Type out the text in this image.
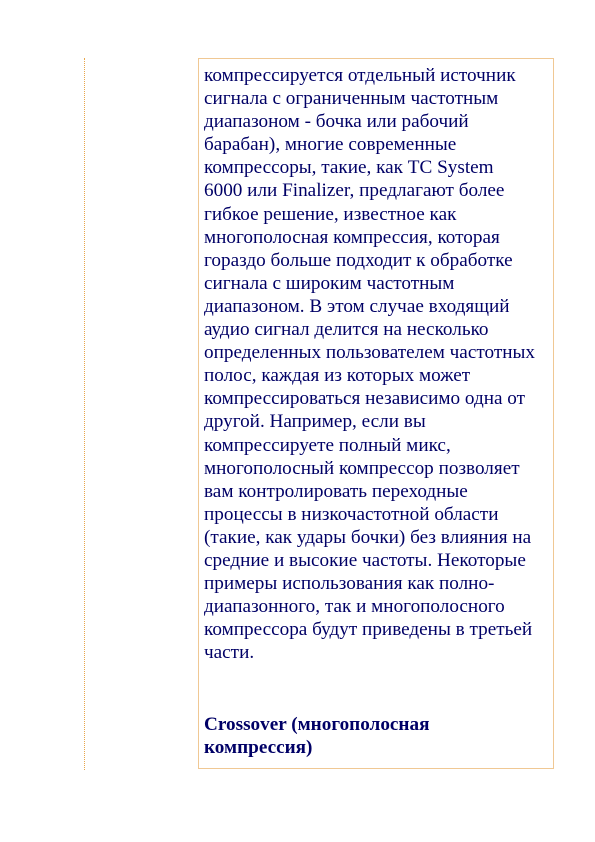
компрессируется отдельный источник
сигнала с ограниченным частотным
диапазоном - бочка или рабочий
барабан), многие современные
компрессоры, такие, как TC System
6000 или Finalizer, предлагают более
гибкое решение, известное как
многополосная компрессия, которая
гораздо больше подходит к обработке
сигнала с широким частотным
диапазоном. В этом случае входящий
аудио сигнал делится на несколько
определенных пользователем частотных
полос, каждая из которых может
компрессироваться независимо одна от
другой. Например, если вы
компрессируете полный микс,
многополосный компрессор позволяет
вам контролировать переходные
процессы в низкочастотной области
(такие, как удары бочки) без влияния на
средние и высокие частоты. Некоторые
примеры использования как полно-
диапазонного, так и многополосного
компрессора будут приведены в третьей
части.
Crossover (многополосная
компрессия)
